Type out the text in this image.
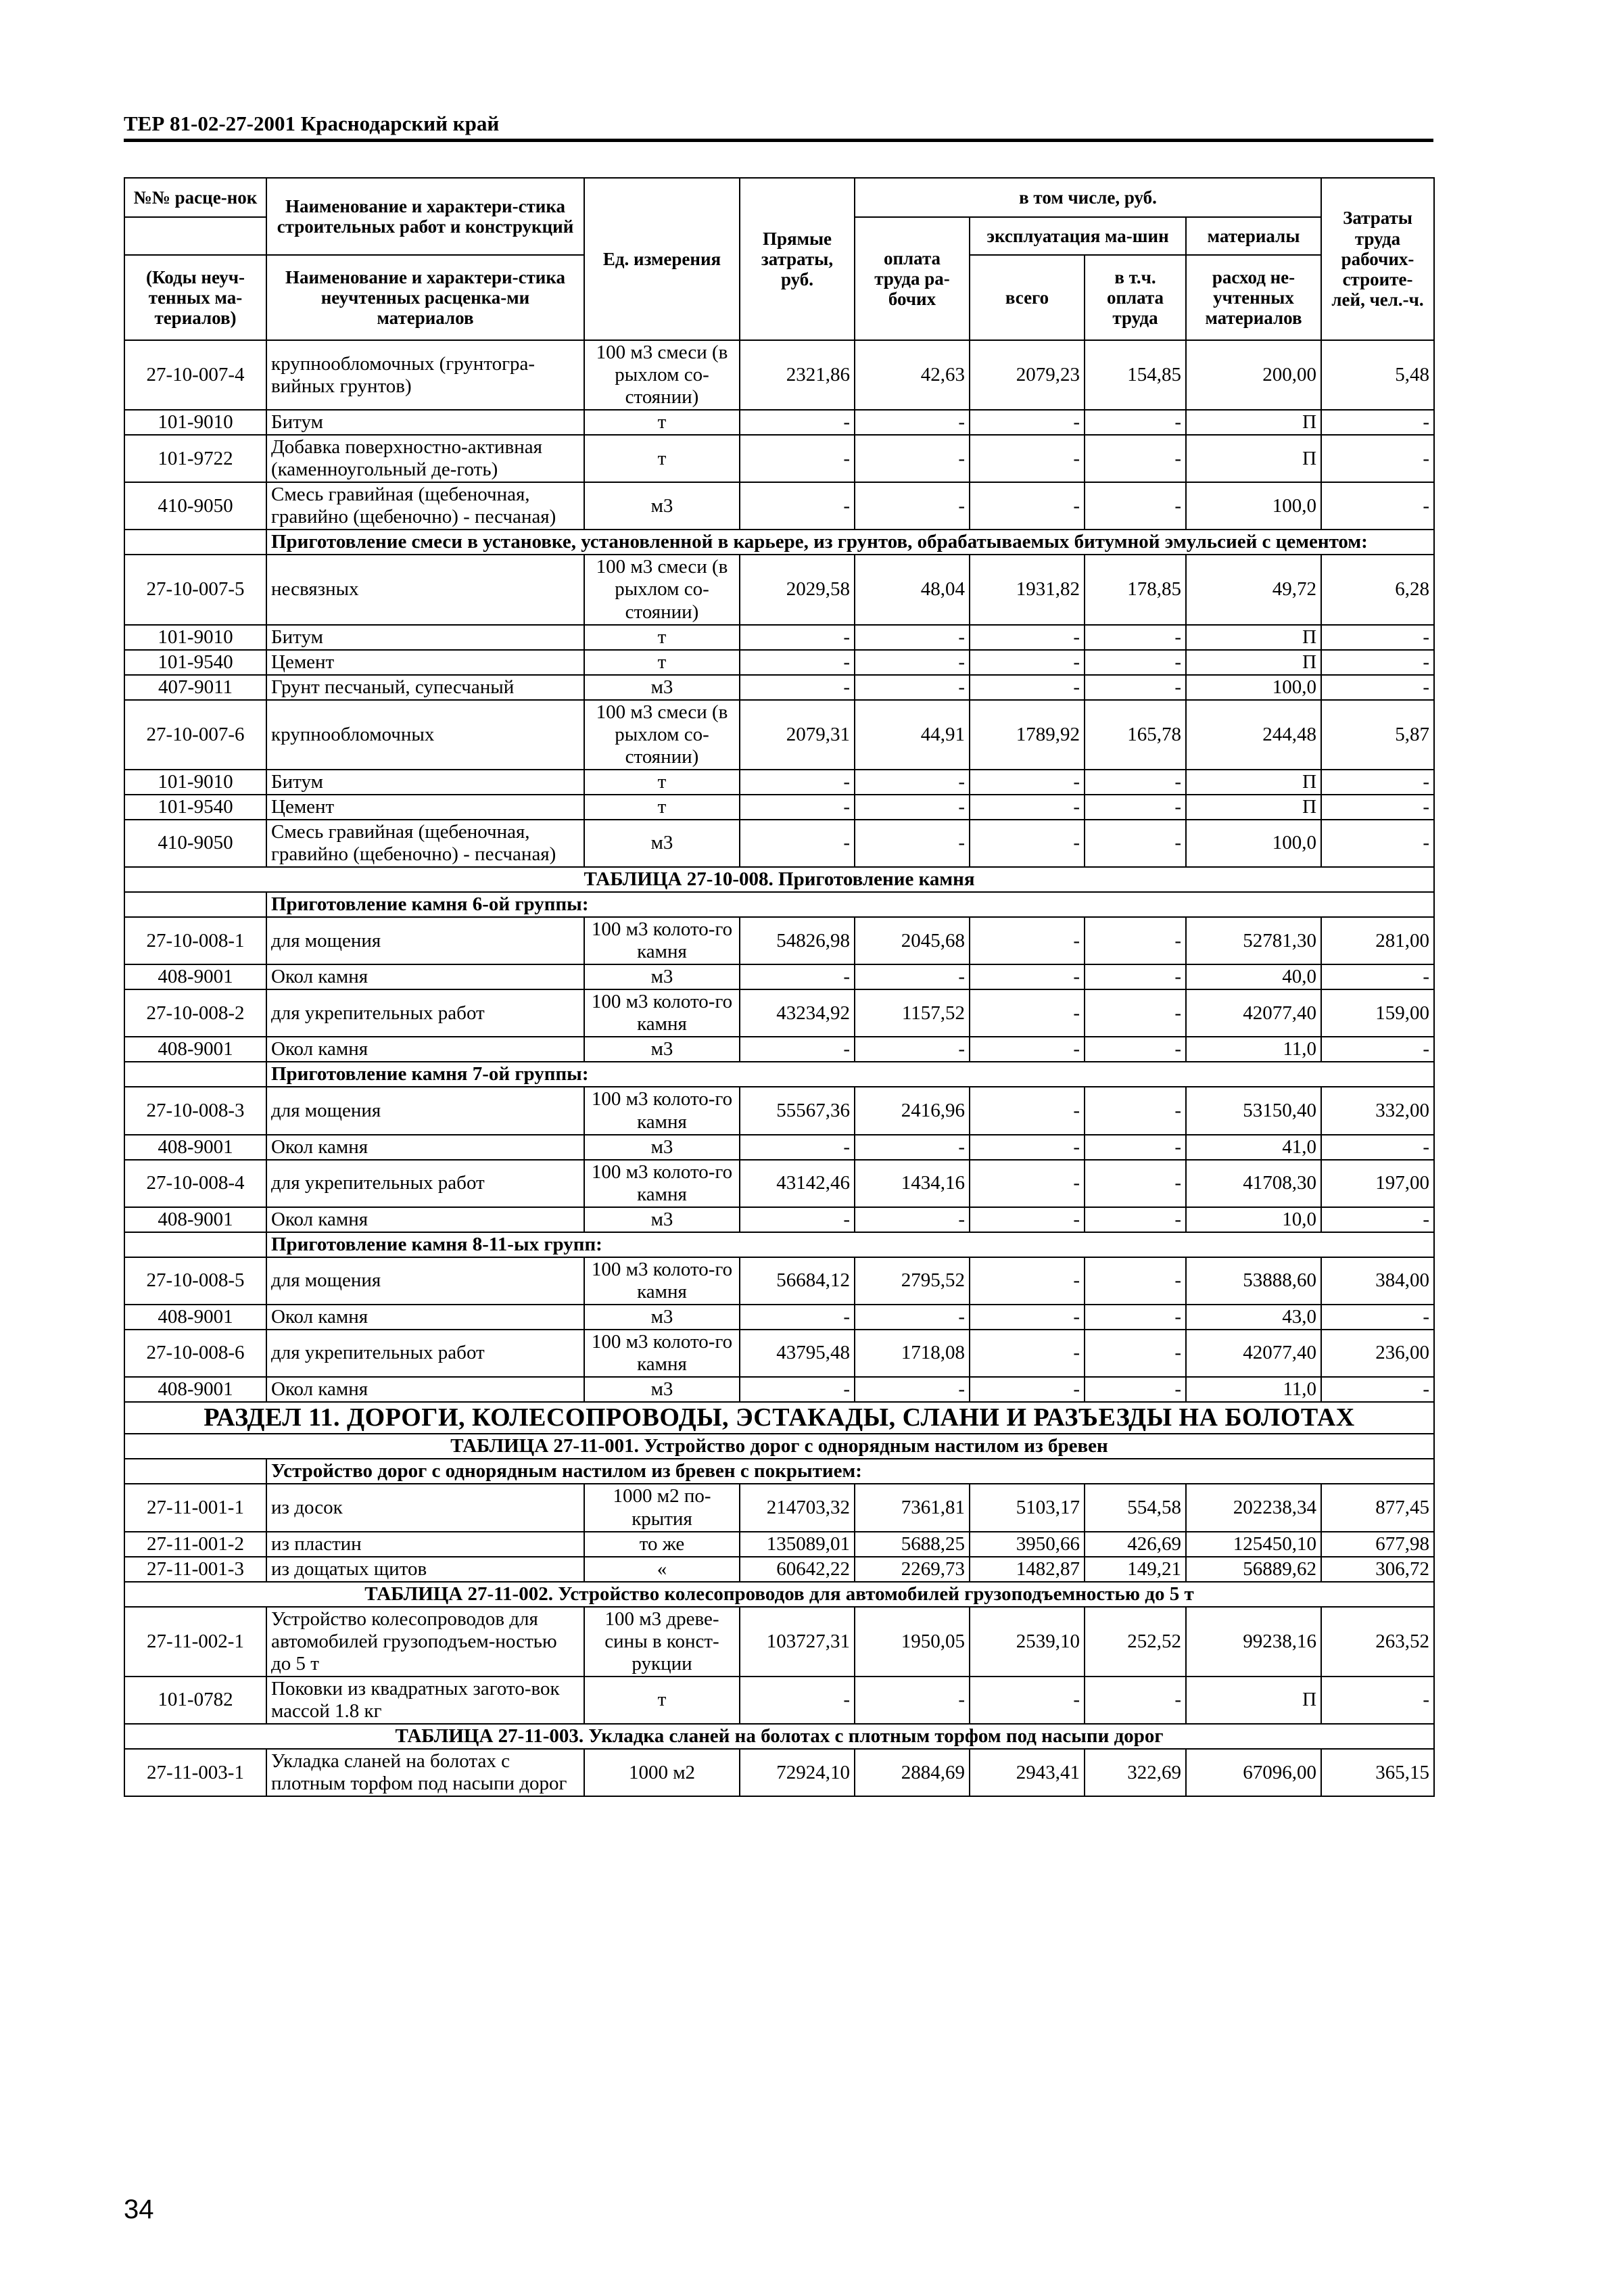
ТЕР 81-02-27-2001 Краснодарский край
№№ расце-нок	Наименование и характери-стика строительных работ и конструкций	Ед. измерения	Прямые затраты, руб.	в том числе, руб.				Затраты труда рабочих-строите-лей, чел.-ч.
				оплата труда ра-бочих	эксплуатация ма-шин		материалы	

(Коды неуч-тенных ма-териалов)	Наименование и характери-стика неучтенных расценка-ми материалов				всего	в т.ч. оплата труда	расход не-учтенных материалов	

27-10-007-4	крупнообломочных (грунтогра-вийных грунтов)	100 м3 смеси (в рыхлом со-стоянии)	2321,86	42,63	2079,23	154,85	200,00	5,48
101-9010	Битум	т	-	-	-	-	П	-
101-9722	Добавка поверхностно-активная (каменноугольный де-готь)	т	-	-	-	-	П	-
410-9050	Смесь гравийная (щебеночная, гравийно (щебеночно) - песчаная)	м3	-	-	-	-	100,0	-
	Приготовление смеси в установке, установленной в карьере, из грунтов, обрабатываемых битумной эмульсией с цементом:							
27-10-007-5	несвязных	100 м3 смеси (в рыхлом со-стоянии)	2029,58	48,04	1931,82	178,85	49,72	6,28
101-9010	Битум	т	-	-	-	-	П	-
101-9540	Цемент	т	-	-	-	-	П	-
407-9011	Грунт песчаный, супесчаный	м3	-	-	-	-	100,0	-
27-10-007-6	крупнообломочных	100 м3 смеси (в рыхлом со-стоянии)	2079,31	44,91	1789,92	165,78	244,48	5,87
101-9010	Битум	т	-	-	-	-	П	-
101-9540	Цемент	т	-	-	-	-	П	-
410-9050	Смесь гравийная (щебеночная, гравийно (щебеночно) - песчаная)	м3	-	-	-	-	100,0	-
ТАБЛИЦА 27-10-008. Приготовление камня								
	Приготовление камня 6-ой группы:							
27-10-008-1	для мощения	100 м3 колото-го камня	54826,98	2045,68	-	-	52781,30	281,00
408-9001	Окол камня	м3	-	-	-	-	40,0	-
27-10-008-2	для укрепительных работ	100 м3 колото-го камня	43234,92	1157,52	-	-	42077,40	159,00
408-9001	Окол камня	м3	-	-	-	-	11,0	-
	Приготовление камня 7-ой группы:							
27-10-008-3	для мощения	100 м3 колото-го камня	55567,36	2416,96	-	-	53150,40	332,00
408-9001	Окол камня	м3	-	-	-	-	41,0	-
27-10-008-4	для укрепительных работ	100 м3 колото-го камня	43142,46	1434,16	-	-	41708,30	197,00
408-9001	Окол камня	м3	-	-	-	-	10,0	-
	Приготовление камня 8-11-ых групп:							
27-10-008-5	для мощения	100 м3 колото-го камня	56684,12	2795,52	-	-	53888,60	384,00
408-9001	Окол камня	м3	-	-	-	-	43,0	-
27-10-008-6	для укрепительных работ	100 м3 колото-го камня	43795,48	1718,08	-	-	42077,40	236,00
408-9001	Окол камня	м3	-	-	-	-	11,0	-
РАЗДЕЛ 11. ДОРОГИ, КОЛЕСОПРОВОДЫ, ЭСТАКАДЫ, СЛАНИ И РАЗЪЕЗДЫ НА БОЛОТАХ								
ТАБЛИЦА 27-11-001. Устройство дорог с однорядным настилом из бревен								
	Устройство дорог с однорядным настилом из бревен с покрытием:							
27-11-001-1	из досок	1000 м2 по-крытия	214703,32	7361,81	5103,17	554,58	202238,34	877,45
27-11-001-2	из пластин	то же	135089,01	5688,25	3950,66	426,69	125450,10	677,98
27-11-001-3	из дощатых щитов	«	60642,22	2269,73	1482,87	149,21	56889,62	306,72
ТАБЛИЦА 27-11-002. Устройство колесопроводов для автомобилей грузоподъемностью до 5 т								
27-11-002-1	Устройство колесопроводов для автомобилей грузоподъем-ностью до 5 т	100 м3 древе-сины в конст-рукции	103727,31	1950,05	2539,10	252,52	99238,16	263,52
101-0782	Поковки из квадратных загото-вок массой 1.8 кг	т	-	-	-	-	П	-
ТАБЛИЦА 27-11-003. Укладка сланей на болотах с плотным торфом под насыпи дорог								
27-11-003-1	Укладка сланей на болотах с плотным торфом под насыпи дорог	1000 м2	72924,10	2884,69	2943,41	322,69	67096,00	365,15
34
